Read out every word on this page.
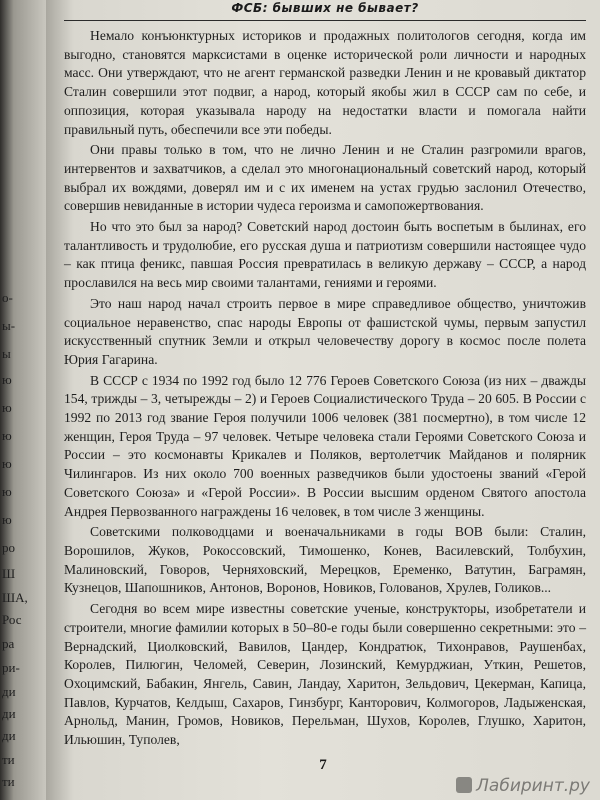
о-
ы-
ы
ю
ю
ю
ю
ю
ю
ро
Ш
ША,
Рос
ра
ри-
ди
ди
ди
ти
ти
ФСБ: бывших не бывает?

Немало конъюнктурных историков и продажных политологов сегодня, когда им выгодно, становятся марксистами в оценке исторической роли личности и народных масс. Они утверждают, что не агент германской разведки Ленин и не кровавый диктатор Сталин совершили этот подвиг, а народ, который якобы жил в СССР сам по себе, и оппозиция, которая указывала народу на недостатки власти и помогала найти правильный путь, обеспечили все эти победы.

Они правы только в том, что не лично Ленин и не Сталин разгромили врагов, интервентов и захватчиков, а сделал это многонациональный советский народ, который выбрал их вождями, доверял им и с их именем на устах грудью заслонил Отечество, совершив невиданные в истории чудеса героизма и самопожертвования.

Но что это был за народ? Советский народ достоин быть воспетым в былинах, его талантливость и трудолюбие, его русская душа и патриотизм совершили настоящее чудо – как птица феникс, павшая Россия превратилась в великую державу – СССР, а народ прославился на весь мир своими талантами, гениями и героями.

Это наш народ начал строить первое в мире справедливое общество, уничтожив социальное неравенство, спас народы Европы от фашистской чумы, первым запустил искусственный спутник Земли и открыл человечеству дорогу в космос после полета Юрия Гагарина.

В СССР с 1934 по 1992 год было 12 776 Героев Советского Союза (из них – дважды 154, трижды – 3, четырежды – 2) и Героев Социалистического Труда – 20 605. В России с 1992 по 2013 год звание Героя получили 1006 человек (381 посмертно), в том числе 12 женщин, Героя Труда – 97 человек. Четыре человека стали Героями Советского Союза и России – это космонавты Крикалев и Поляков, вертолетчик Майданов и полярник Чилингаров. Из них около 700 военных разведчиков были удостоены званий «Герой Советского Союза» и «Герой России». В России высшим орденом Святого апостола Андрея Первозванного награждены 16 человек, в том числе 3 женщины.

Советскими полководцами и военачальниками в годы ВОВ были: Сталин, Ворошилов, Жуков, Рокоссовский, Тимошенко, Конев, Василевский, Толбухин, Малиновский, Говоров, Черняховский, Мерецков, Еременко, Ватутин, Баграмян, Кузнецов, Шапошников, Антонов, Воронов, Новиков, Голованов, Хрулев, Голиков...

Сегодня во всем мире известны советские ученые, конструкторы, изобретатели и строители, многие фамилии которых в 50–80-е годы были совершенно секретными: это – Вернадский, Циолковский, Вавилов, Цандер, Кондратюк, Тихонравов, Раушенбах, Королев, Пилюгин, Челомей, Северин, Лозинский, Кемурджиан, Уткин, Решетов, Охоцимский, Бабакин, Янгель, Савин, Ландау, Харитон, Зельдович, Цекерман, Капица, Павлов, Курчатов, Келдыш, Сахаров, Гинзбург, Канторович, Колмогоров, Ладыженская, Арнольд, Манин, Громов, Новиков, Перельман, Шухов, Королев, Глушко, Харитон, Ильюшин, Туполев,

7
Лабиринт.ру
